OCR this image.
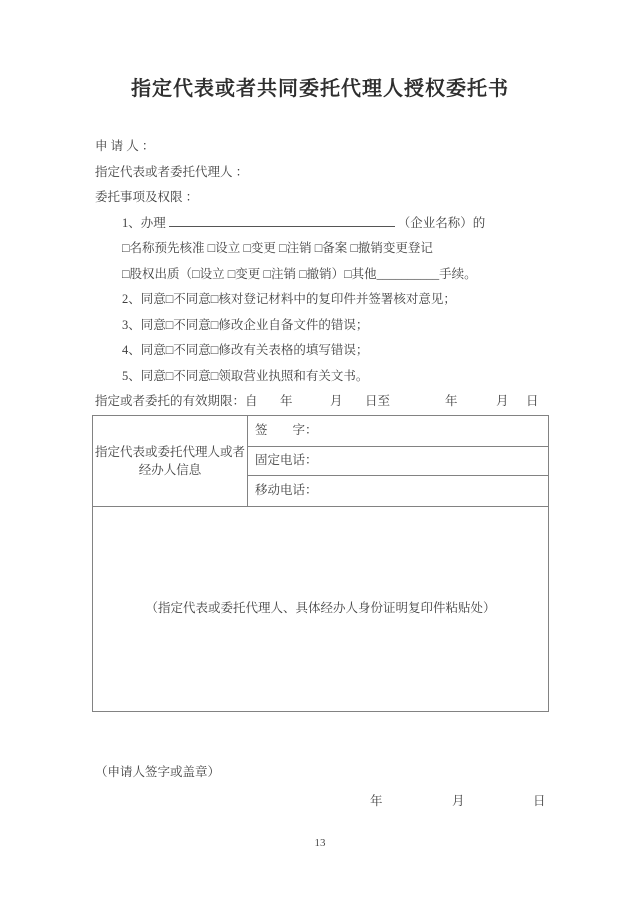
指定代表或者共同委托代理人授权委托书

申 请 人 ：

指定代表或者委托代理人 ：

委托事项及权限 ：

1、办理	（企业名称）的

□名称预先核准 □设立 □变更 □注销 □备案 □撤销变更登记

□股权出质（□设立 □变更 □注销 □撤销）□其他__________手续。

2、同意□不同意□核对登记材料中的复印件并签署核对意见；

3、同意□不同意□修改企业自备文件的错误；

4、同意□不同意□修改有关表格的填写错误；

5、同意□不同意□领取营业执照和有关文书。

指定或者委托的有效期限：自 年	月 日至	年	月 日
指定代表或委托代理人或者
经办人信息
	签　　字：
固定电话：
移动电话：
（指定代表或委托代理人、具体经办人身份证明复印件粘贴处）
（申请人签字或盖章）
年	月	日
13
